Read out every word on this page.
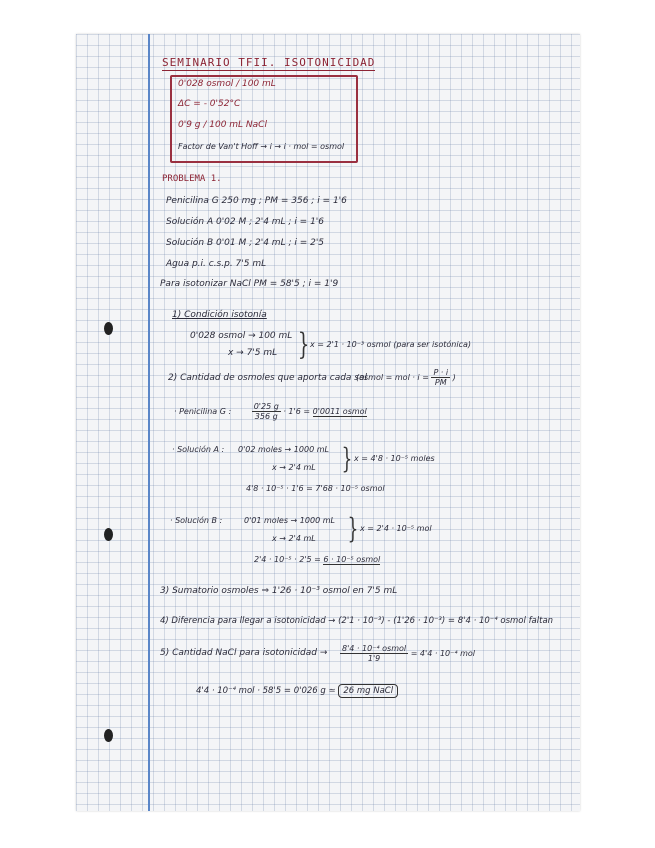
SEMINARIO TFII. ISOTONICIDAD
0'028 osmol / 100 mL
ΔC = - 0'52°C
0'9 g / 100 mL NaCl
Factor de Van't Hoff → i → i · mol = osmol
PROBLEMA 1.
Penicilina G 250 mg ; PM = 356 ; i = 1'6
Solución A 0'02 M ; 2'4 mL ; i = 1'6
Solución B 0'01 M ; 2'4 mL ; i = 2'5
Agua p.i. c.s.p. 7'5 mL
Para isotonizar NaCl PM = 58'5 ; i = 1'9
1) Condición isotonía
0'028 osmol → 100 mL
x → 7'5 mL } x = 2'1 · 10⁻³ osmol (para ser isotónica)
2) Cantidad de osmoles que aporta cada sal
(osmol = mol · $i = \frac{P \cdot i}{PM}$ )
· Penicilina G :	$\frac{0'25 g}{356 g} \cdot 1'6 = 0'0011$ osmol
· Solución A : 0'02 moles → 1000 mL
x → 2'4 mL } x = 4'8 · 10⁻⁵ moles
4'8 · 10⁻⁵ · 1'6 = 7'68 · 10⁻⁵ osmol
· Solución B :	0'01 moles → 1000 mL
x → 2'4 mL } x = 2'4 · 10⁻⁵ mol
2'4 · 10⁻⁵ · 2'5 = 6 · 10⁻⁵ osmol
3) Sumatorio osmoles ⇒ 1'26 · 10⁻³ osmol en 7'5 mL
4) Diferencia para llegar a isotonicidad → (2'1 · 10⁻³) - (1'26 · 10⁻³) = 8'4 · 10⁻⁴ osmol faltan
5) Cantidad NaCl para isotonicidad → $\frac{\text{8'4 · 10⁻⁴ osmol}}{1'9} = 4'4 \cdot 10^{-4}$ mol
4'4 · 10⁻⁴ mol · 58'5 = 0'026 g ≃ 26 mg NaCl
